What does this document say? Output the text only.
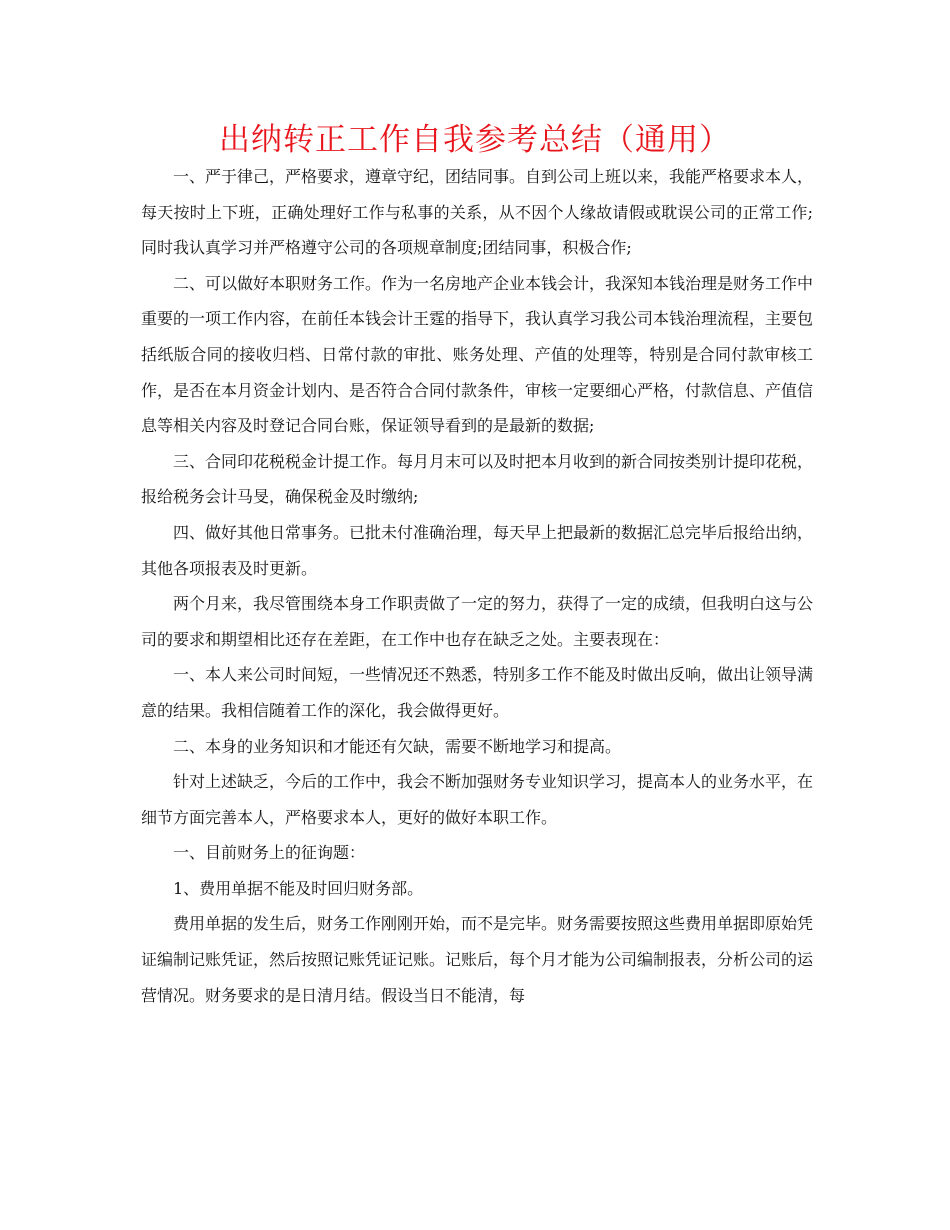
出纳转正工作自我参考总结（通用）

一、严于律己，严格要求，遵章守纪，团结同事。自到公司上班以来，我能严格要求本人，每天按时上下班，正确处理好工作与私事的关系，从不因个人缘故请假或耽误公司的正常工作;同时我认真学习并严格遵守公司的各项规章制度;团结同事，积极合作;

二、可以做好本职财务工作。作为一名房地产企业本钱会计，我深知本钱治理是财务工作中重要的一项工作内容，在前任本钱会计王霆的指导下，我认真学习我公司本钱治理流程，主要包括纸版合同的接收归档、日常付款的审批、账务处理、产值的处理等，特别是合同付款审核工作，是否在本月资金计划内、是否符合合同付款条件，审核一定要细心严格，付款信息、产值信息等相关内容及时登记合同台账，保证领导看到的是最新的数据;

三、合同印花税税金计提工作。每月月末可以及时把本月收到的新合同按类别计提印花税，报给税务会计马旻，确保税金及时缴纳;

四、做好其他日常事务。已批未付准确治理，每天早上把最新的数据汇总完毕后报给出纳，其他各项报表及时更新。

两个月来，我尽管围绕本身工作职责做了一定的努力，获得了一定的成绩，但我明白这与公司的要求和期望相比还存在差距，在工作中也存在缺乏之处。主要表现在：

一、本人来公司时间短，一些情况还不熟悉，特别多工作不能及时做出反响，做出让领导满意的结果。我相信随着工作的深化，我会做得更好。

二、本身的业务知识和才能还有欠缺，需要不断地学习和提高。

针对上述缺乏，今后的工作中，我会不断加强财务专业知识学习，提高本人的业务水平，在细节方面完善本人，严格要求本人，更好的做好本职工作。

一、目前财务上的征询题：

1、费用单据不能及时回归财务部。

费用单据的发生后，财务工作刚刚开始，而不是完毕。财务需要按照这些费用单据即原始凭证编制记账凭证，然后按照记账凭证记账。记账后，每个月才能为公司编制报表，分析公司的运营情况。财务要求的是日清月结。假设当日不能清，每
